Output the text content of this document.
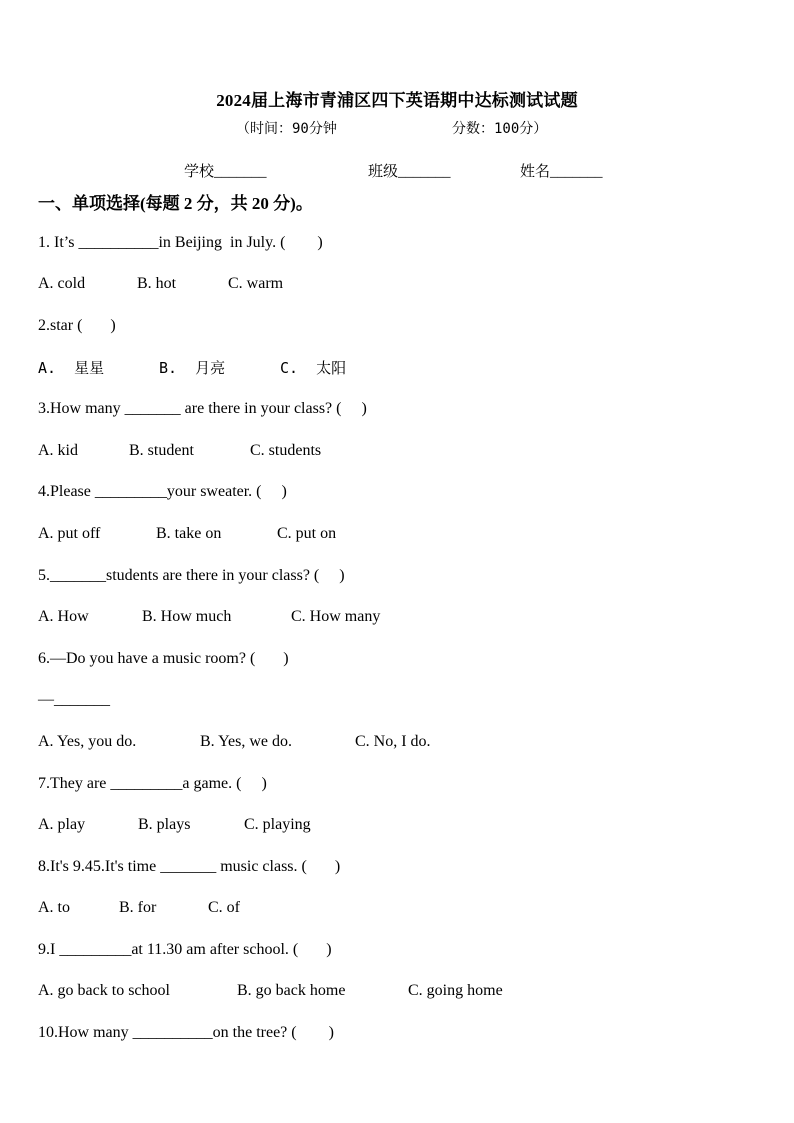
2024届上海市青浦区四下英语期中达标测试试题
（时间：90分钟	分数：100分）
学校_______	班级_______	姓名_______
一、单项选择(每题 2 分，共 20 分)。
1. It’s __________in Beijing  in July. (        )
A. cold	B. hot	C. warm
2.star (       )
A.  星星	B.  月亮	C.  太阳
3.How many _______ are there in your class? (     )
A. kid	B. student	C. students
4.Please _________your sweater. (     )
A. put off	B. take on	C. put on
5._______students are there in your class? (     )
A. How	B. How much	C. How many
6.—Do you have a music room? (       )
—_______
A. Yes, you do.	B. Yes, we do.	C. No, I do.
7.They are _________a game. (     )
A. play	B. plays	C. playing
8.It's 9.45.It's time _______ music class. (       )
A. to	B. for	C. of
9.I _________at 11.30 am after school. (       )
A. go back to school	B. go back home	C. going home
10.How many __________on the tree? (        )
